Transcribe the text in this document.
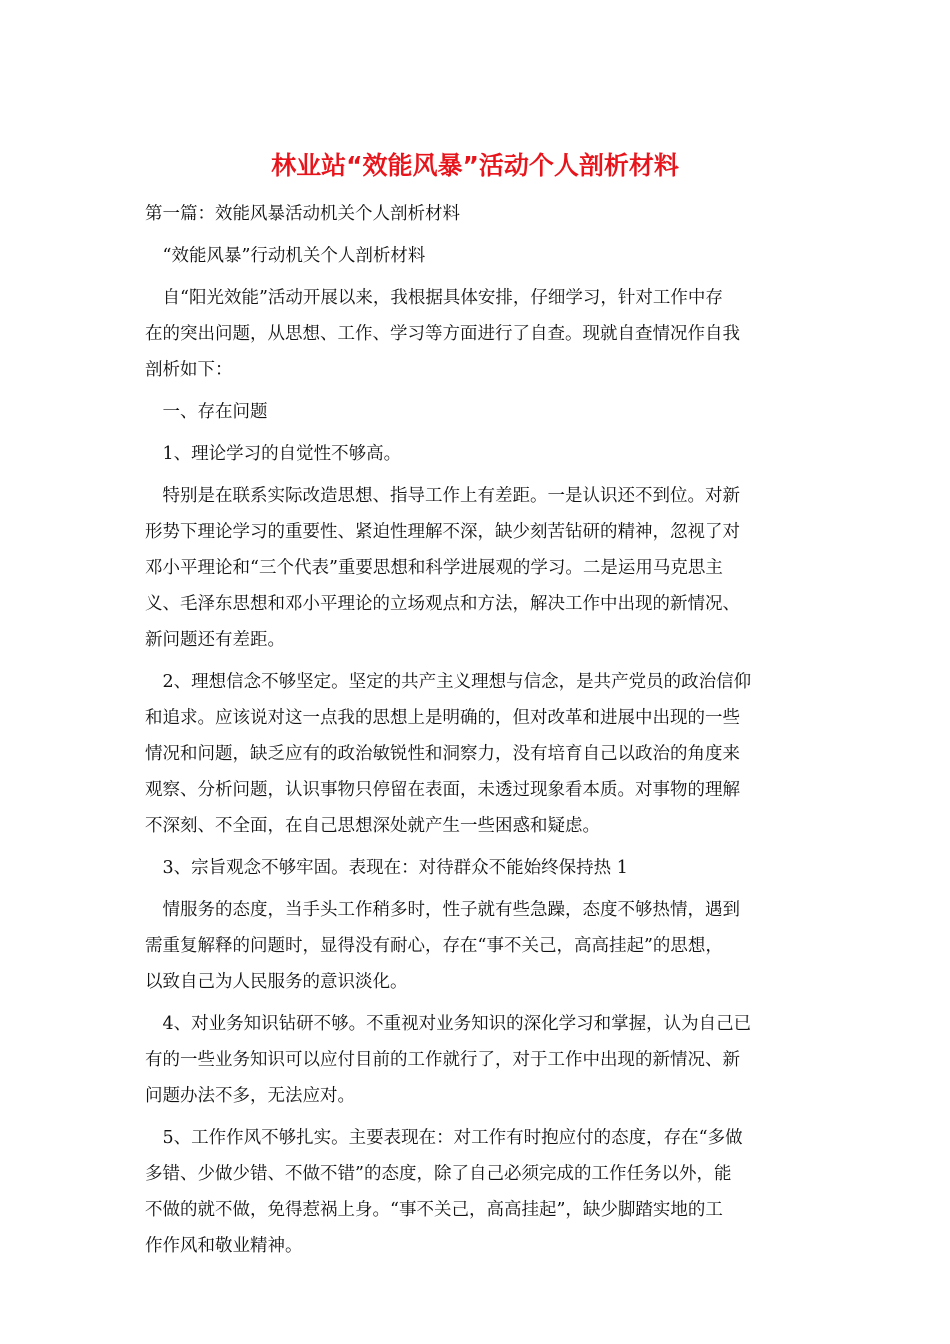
林业站“效能风暴”活动个人剖析材料
第一篇：效能风暴活动机关个人剖析材料
　“效能风暴”行动机关个人剖析材料
　自“阳光效能”活动开展以来，我根据具体安排，仔细学习，针对工作中存
在的突出问题，从思想、工作、学习等方面进行了自查。现就自查情况作自我
剖析如下：
　一、存在问题
　1、理论学习的自觉性不够高。
　特别是在联系实际改造思想、指导工作上有差距。一是认识还不到位。对新
形势下理论学习的重要性、紧迫性理解不深，缺少刻苦钻研的精神，忽视了对
邓小平理论和“三个代表”重要思想和科学进展观的学习。二是运用马克思主
义、毛泽东思想和邓小平理论的立场观点和方法，解决工作中出现的新情况、
新问题还有差距。
　2、理想信念不够坚定。坚定的共产主义理想与信念，是共产党员的政治信仰
和追求。应该说对这一点我的思想上是明确的，但对改革和进展中出现的一些
情况和问题，缺乏应有的政治敏锐性和洞察力，没有培育自己以政治的角度来
观察、分析问题，认识事物只停留在表面，未透过现象看本质。对事物的理解
不深刻、不全面，在自己思想深处就产生一些困惑和疑虑。
　3、宗旨观念不够牢固。表现在：对待群众不能始终保持热 1
　情服务的态度，当手头工作稍多时，性子就有些急躁，态度不够热情，遇到
需重复解释的问题时，显得没有耐心，存在“事不关己，高高挂起”的思想，
以致自己为人民服务的意识淡化。
　4、对业务知识钻研不够。不重视对业务知识的深化学习和掌握，认为自己已
有的一些业务知识可以应付目前的工作就行了，对于工作中出现的新情况、新
问题办法不多，无法应对。
　5、工作作风不够扎实。主要表现在：对工作有时抱应付的态度，存在“多做
多错、少做少错、不做不错”的态度，除了自己必须完成的工作任务以外，能
不做的就不做，免得惹祸上身。“事不关己，高高挂起”，缺少脚踏实地的工
作作风和敬业精神。
